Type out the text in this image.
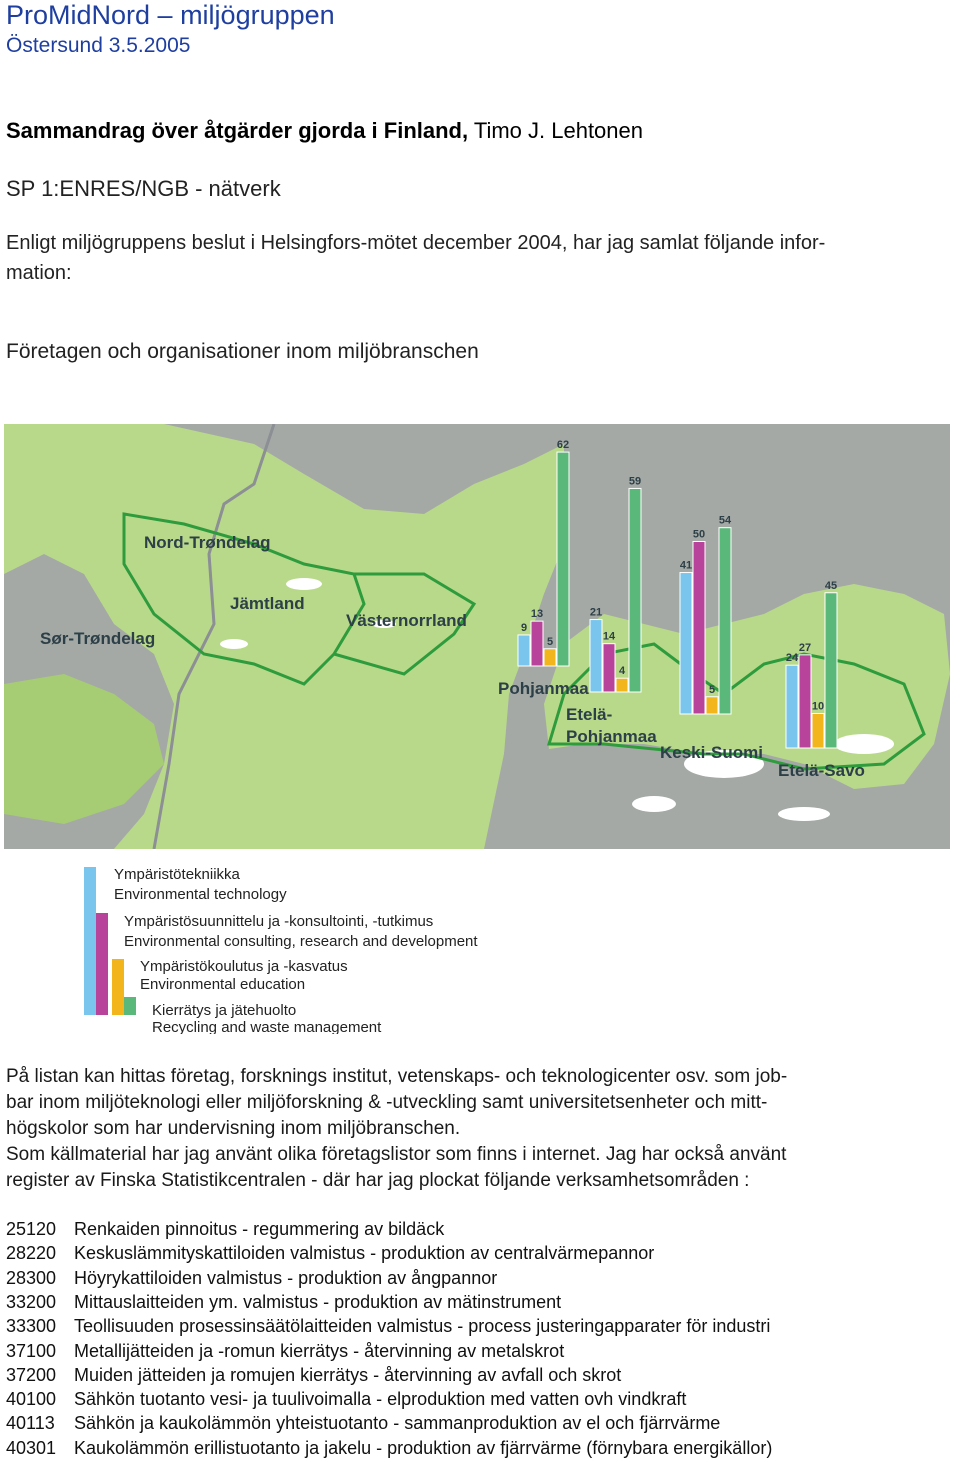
ProMidNord – miljögruppen
Östersund 3.5.2005
Sammandrag över åtgärder gjorda i Finland, Timo J. Lehtonen
SP 1:ENRES/NGB - nätverk
Enligt miljögruppens beslut i Helsingfors-mötet december 2004, har jag samlat följande infor-
mation:
Företagen och organisationer inom miljöbranschen
Nord-Trøndelag
Jämtland
Västernorrland
Sør-Trøndelag
Pohjanmaa
Etelä-
Pohjanmaa
Keski-Suomi
Etelä-Savo
9
13
5
62
21
14
4
59
41
50
5
54
24
27
10
45
Ympäristötekniikka
Environmental technology
Ympäristösuunnittelu ja -konsultointi, -tutkimus
Environmental consulting, research and development
Ympäristökoulutus ja -kasvatus
Environmental education
Kierrätys ja jätehuolto
Recycling and waste management
På listan kan hittas företag, forsknings institut, vetenskaps- och teknologicenter osv. som job-
bar inom miljöteknologi eller miljöforskning & -utveckling samt universitetsenheter och mitt-
högskolor som har undervisning inom miljöbranschen.
Som källmaterial har jag använt olika företagslistor som finns i internet. Jag har också använt
register av Finska Statistikcentralen - där har jag plockat följande verksamhetsområden :
25120 Renkaiden pinnoitus - regummering av bildäck
28220 Keskuslämmityskattiloiden valmistus - produktion av centralvärmepannor
28300 Höyrykattiloiden valmistus - produktion av ångpannor
33200 Mittauslaitteiden ym. valmistus - produktion av mätinstrument
33300 Teollisuuden prosessinsäätölaitteiden valmistus - process justeringapparater för industri
37100 Metallijätteiden ja -romun kierrätys - återvinning av metalskrot
37200 Muiden jätteiden ja romujen kierrätys - återvinning av avfall och skrot
40100 Sähkön tuotanto vesi- ja tuulivoimalla - elproduktion med vatten ovh vindkraft
40113 Sähkön ja kaukolämmön yhteistuotanto - sammanproduktion av el och fjärrvärme
40301 Kaukolämmön erillistuotanto ja jakelu - produktion av fjärrvärme (förnybara energikällor)
